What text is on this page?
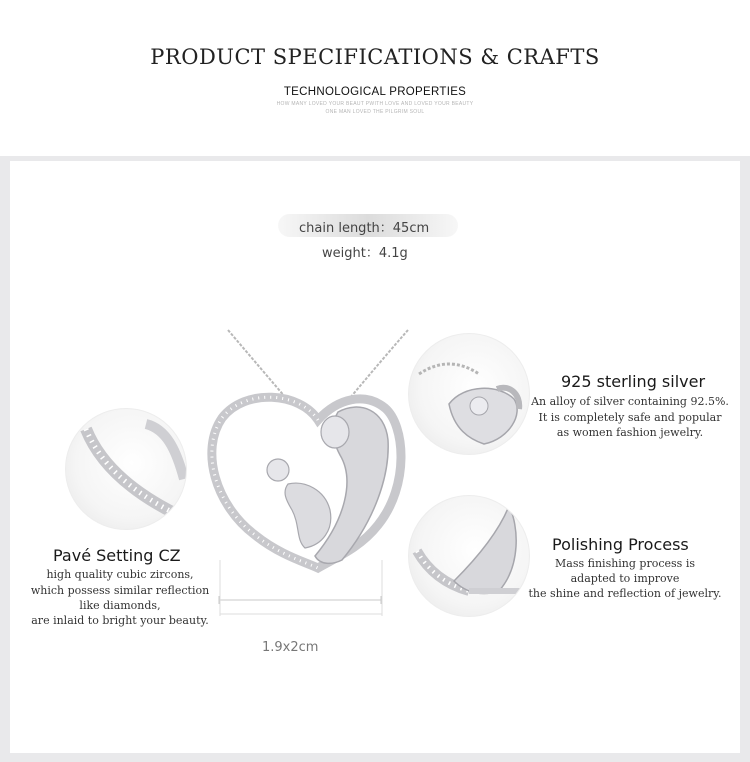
PRODUCT SPECIFICATIONS & CRAFTS
TECHNOLOGICAL PROPERTIES
HOW MANY LOVED YOUR BEAUT PWITH LOVE AND LOVED YOUR BEAUTY
ONE MAN LOVED THE PILGRIM SOUL
chain length：45cm
weight：4.1g
1.9x2cm
925 sterling silver
An alloy of silver containing 92.5%.
It is completely safe and popular
as women fashion jewelry.
Pavé Setting CZ
high quality cubic zircons,
which possess similar reflection
like diamonds,
are inlaid to bright your beauty.
Polishing Process
Mass finishing process is
adapted to improve
the shine and reflection of jewelry.
